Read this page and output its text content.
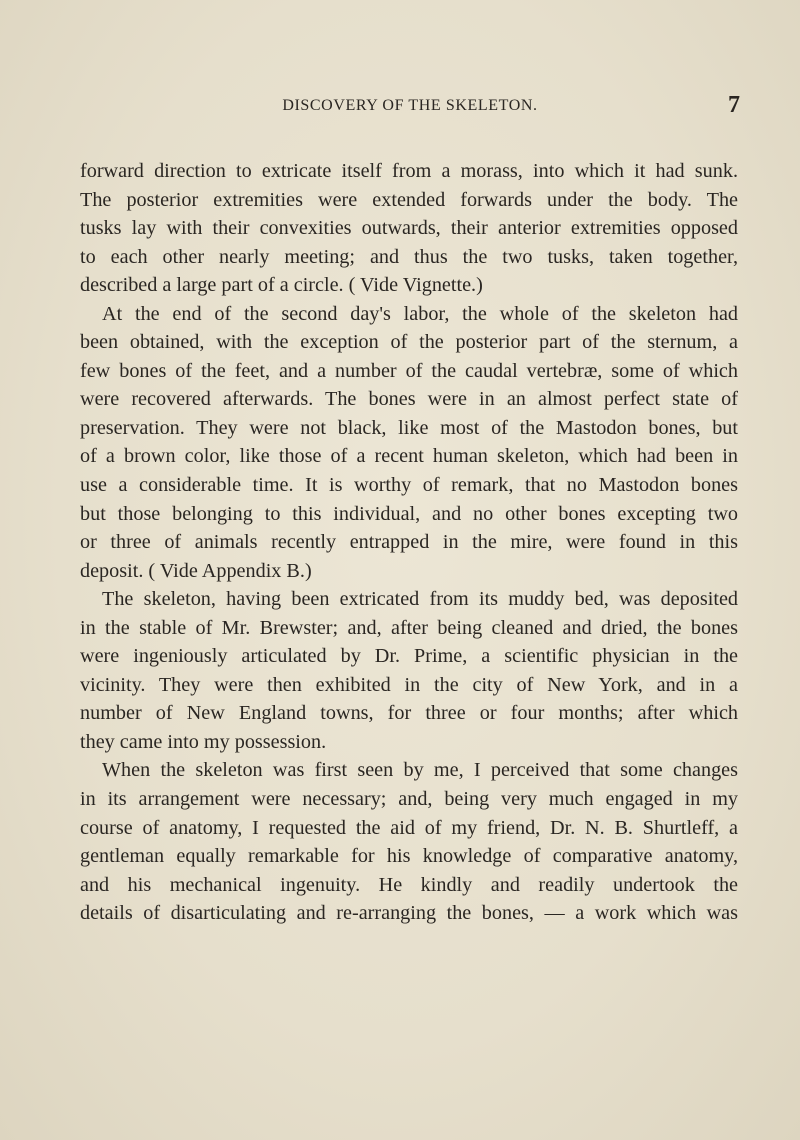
DISCOVERY OF THE SKELETON.	7
forward direction to extricate itself from a morass, into which it had sunk.
The posterior extremities were extended forwards under the body. The
tusks lay with their convexities outwards, their anterior extremities opposed
to each other nearly meeting; and thus the two tusks, taken together,
described a large part of a circle. ( Vide Vignette.)
At the end of the second day's labor, the whole of the skeleton had
been obtained, with the exception of the posterior part of the sternum, a
few bones of the feet, and a number of the caudal vertebræ, some of which
were recovered afterwards. The bones were in an almost perfect state of
preservation. They were not black, like most of the Mastodon bones, but
of a brown color, like those of a recent human skeleton, which had been in
use a considerable time. It is worthy of remark, that no Mastodon bones
but those belonging to this individual, and no other bones excepting two
or three of animals recently entrapped in the mire, were found in this
deposit. ( Vide Appendix B.)
The skeleton, having been extricated from its muddy bed, was deposited
in the stable of Mr. Brewster; and, after being cleaned and dried, the bones
were ingeniously articulated by Dr. Prime, a scientific physician in the
vicinity. They were then exhibited in the city of New York, and in a
number of New England towns, for three or four months; after which
they came into my possession.
When the skeleton was first seen by me, I perceived that some changes
in its arrangement were necessary; and, being very much engaged in my
course of anatomy, I requested the aid of my friend, Dr. N. B. Shurtleff, a
gentleman equally remarkable for his knowledge of comparative anatomy,
and his mechanical ingenuity. He kindly and readily undertook the
details of disarticulating and re-arranging the bones, — a work which was
